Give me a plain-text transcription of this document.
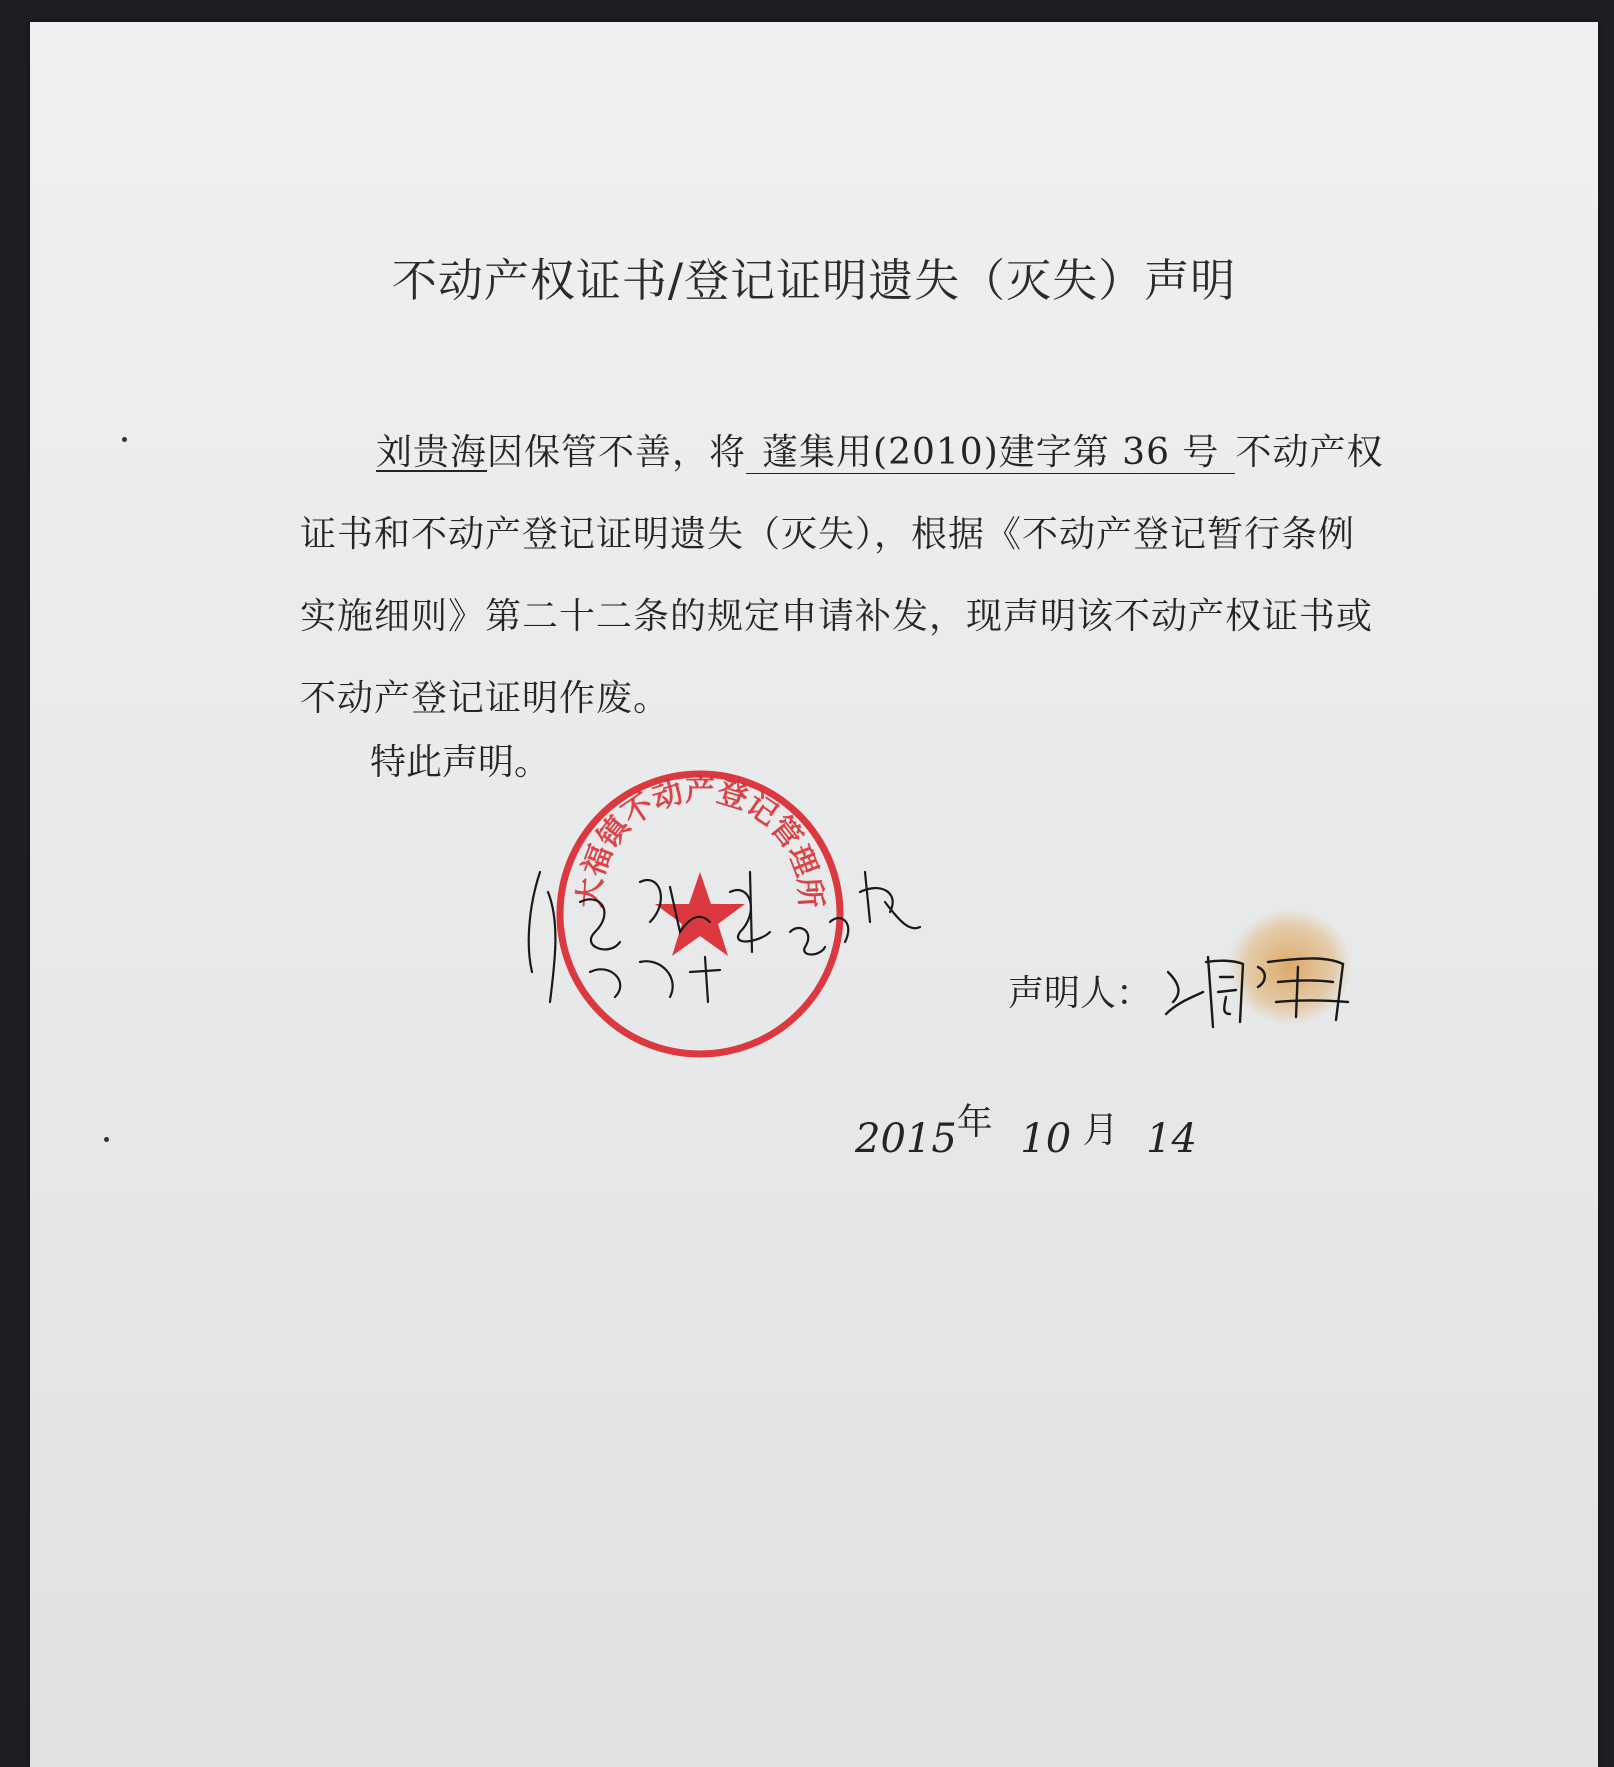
不动产权证书/登记证明遗失（灭失）声明
刘贵海因保管不善，将 蓬集用(2010)建字第 36 号 不动产权证书和不动产登记证明遗失（灭失），根据《不动产登记暂行条例实施细则》第二十二条的规定申请补发，现声明该不动产权证书或不动产登记证明作废。
特此声明。
大福镇不动产登记管理所
声明人：
2015年 10 月 14
